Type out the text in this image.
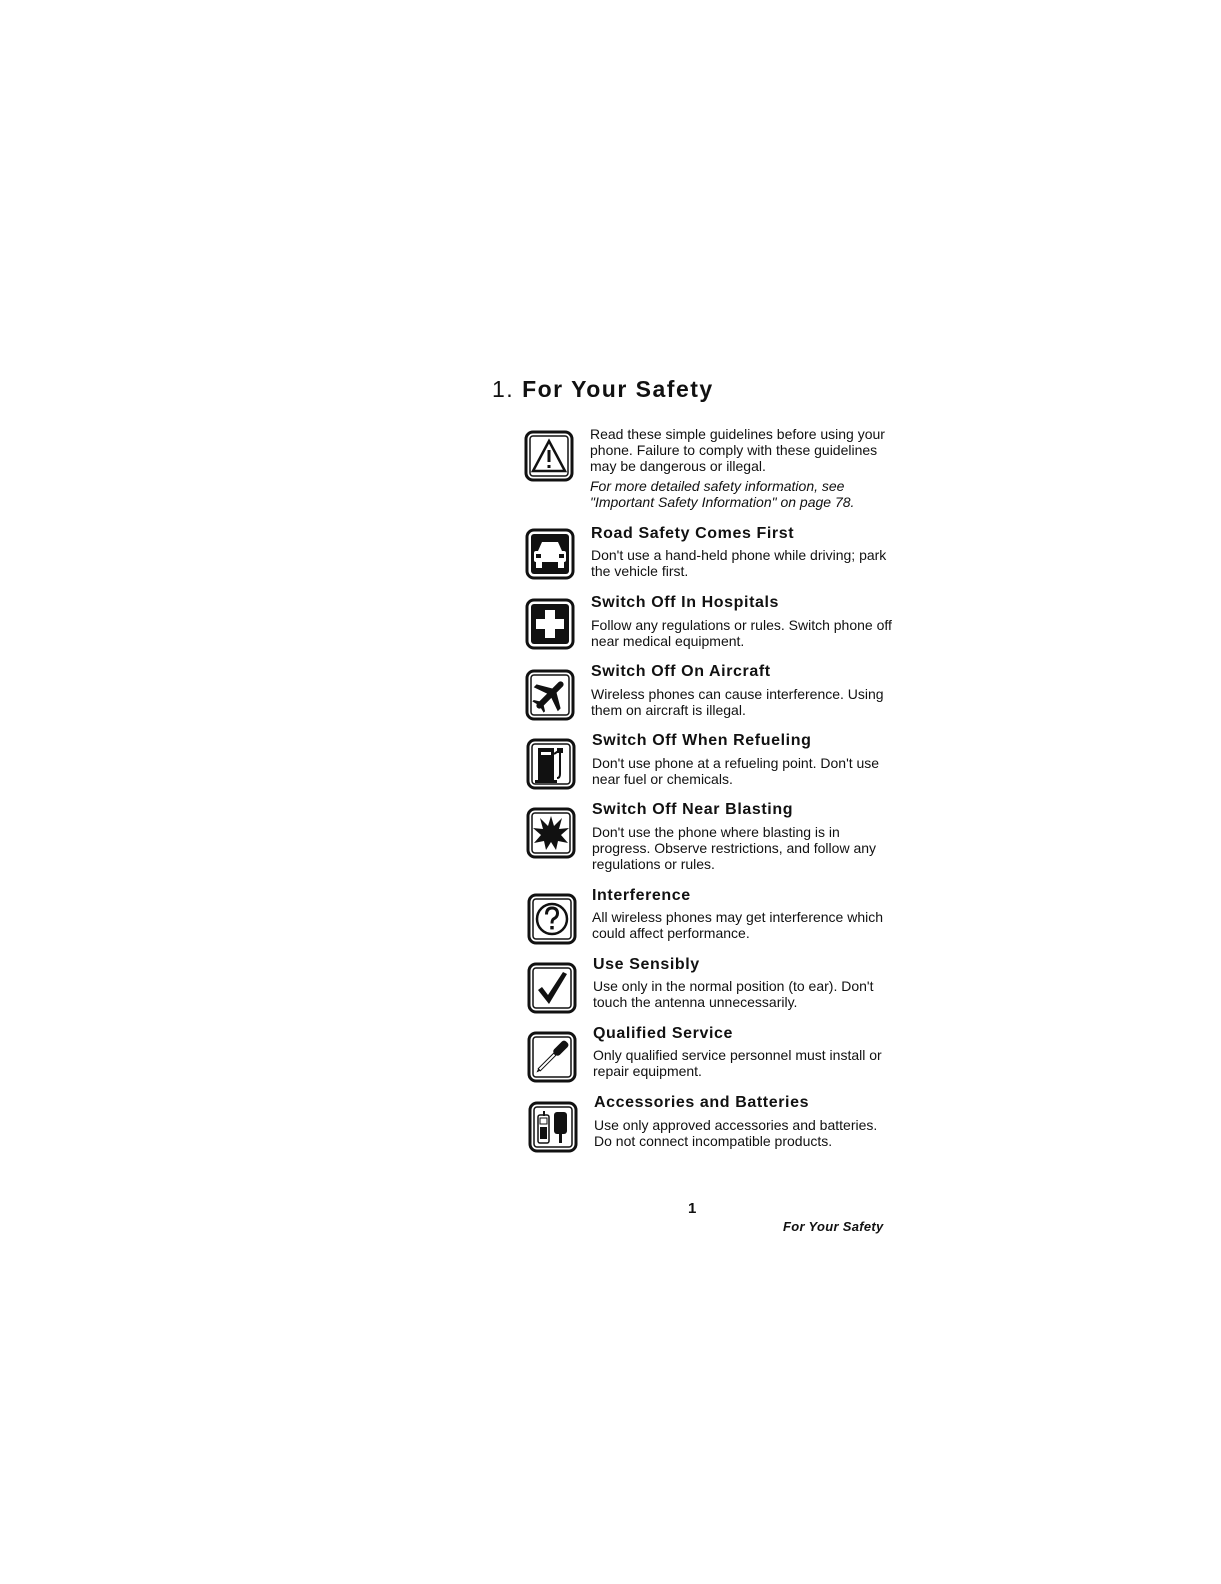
1. For Your Safety

Read these simple guidelines before using your phone. Failure to comply with these guidelines may be dangerous or illegal.

For more detailed safety information, see "Important Safety Information" on page 78.

Road Safety Comes First

Don't use a hand-held phone while driving; park the vehicle first.

Switch Off In Hospitals

Follow any regulations or rules. Switch phone off near medical equipment.

Switch Off On Aircraft

Wireless phones can cause interference. Using them on aircraft is illegal.

Switch Off When Refueling

Don't use phone at a refueling point. Don't use near fuel or chemicals.

Switch Off Near Blasting

Don't use the phone where blasting is in progress. Observe restrictions, and follow any regulations or rules.

Interference

All wireless phones may get interference which could affect performance.

Use Sensibly

Use only in the normal position (to ear). Don't touch the antenna unnecessarily.

Qualified Service

Only qualified service personnel must install or repair equipment.

Accessories and Batteries

Use only approved accessories and batteries. Do not connect incompatible products.

1
For Your Safety
